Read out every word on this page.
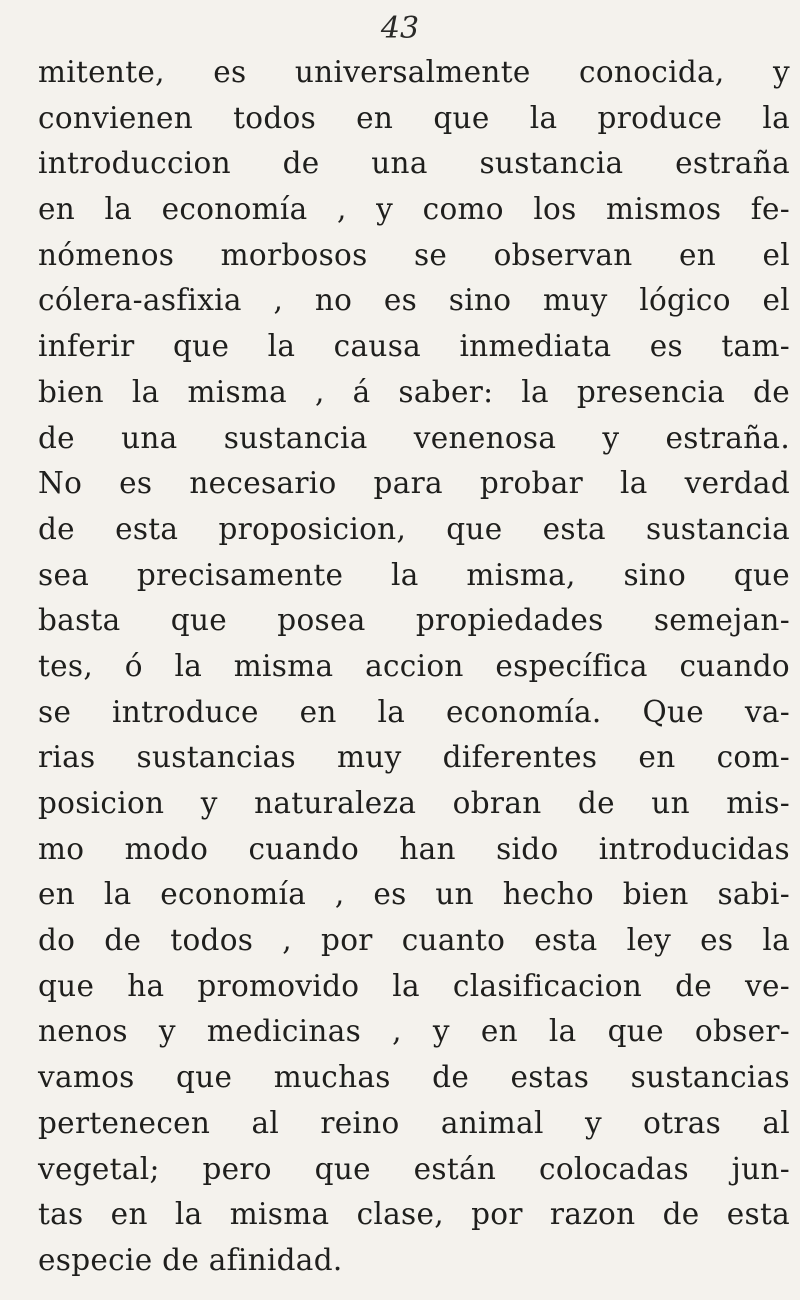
43
mitente, es universalmente conocida, y
convienen todos en que la produce la
introduccion de una sustancia estraña
en la economía , y como los mismos fe-
nómenos morbosos se observan en el
cólera-asfixia , no es sino muy lógico el
inferir que la causa inmediata es tam-
bien la misma , á saber: la presencia de
de una sustancia venenosa y estraña.
No es necesario para probar la verdad
de esta proposicion, que esta sustancia
sea precisamente la misma, sino que
basta que posea propiedades semejan-
tes, ó la misma accion específica cuando
se introduce en la economía. Que va-
rias sustancias muy diferentes en com-
posicion y naturaleza obran de un mis-
mo modo cuando han sido introducidas
en la economía , es un hecho bien sabi-
do de todos , por cuanto esta ley es la
que ha promovido la clasificacion de ve-
nenos y medicinas , y en la que obser-
vamos que muchas de estas sustancias
pertenecen al reino animal y otras al
vegetal; pero que están colocadas jun-
tas en la misma clase, por razon de esta
especie de afinidad.
